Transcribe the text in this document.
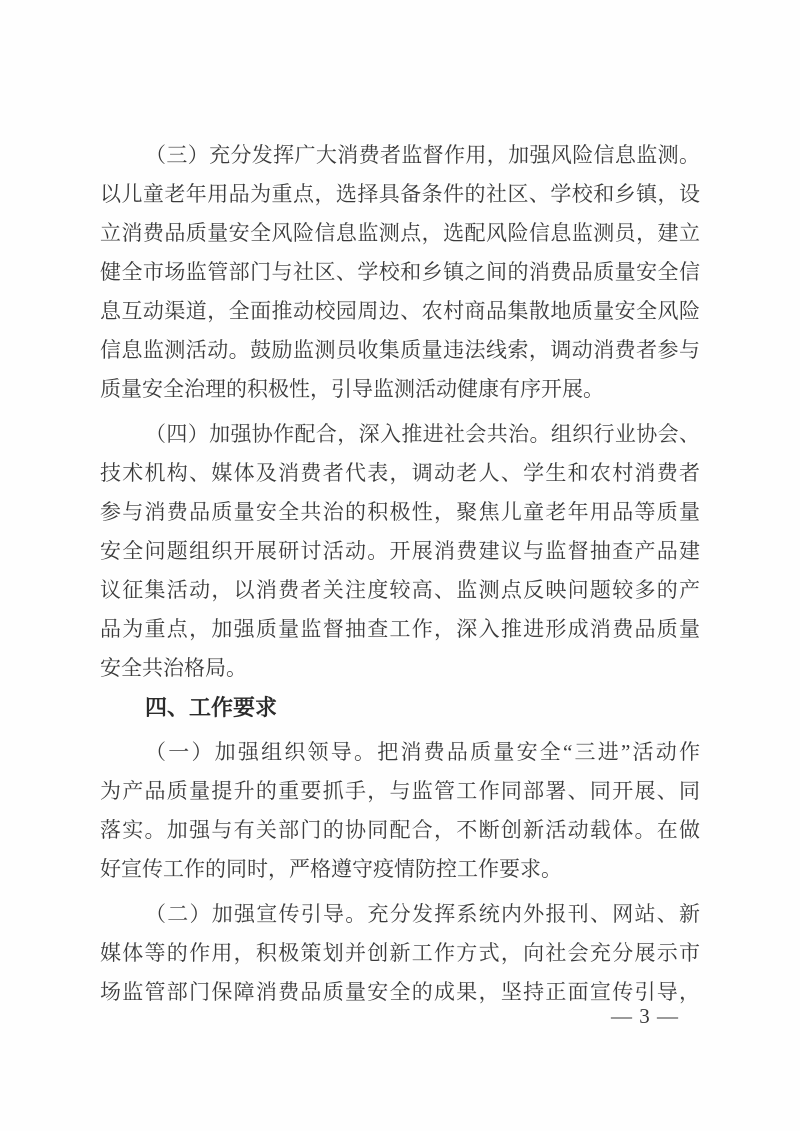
（三）充分发挥广大消费者监督作用，加强风险信息监测。
以儿童老年用品为重点，选择具备条件的社区、学校和乡镇，设
立消费品质量安全风险信息监测点，选配风险信息监测员，建立
健全市场监管部门与社区、学校和乡镇之间的消费品质量安全信
息互动渠道，全面推动校园周边、农村商品集散地质量安全风险
信息监测活动。鼓励监测员收集质量违法线索，调动消费者参与
质量安全治理的积极性，引导监测活动健康有序开展。
（四）加强协作配合，深入推进社会共治。组织行业协会、
技术机构、媒体及消费者代表，调动老人、学生和农村消费者
参与消费品质量安全共治的积极性，聚焦儿童老年用品等质量
安全问题组织开展研讨活动。开展消费建议与监督抽查产品建
议征集活动，以消费者关注度较高、监测点反映问题较多的产
品为重点，加强质量监督抽查工作，深入推进形成消费品质量
安全共治格局。
四、工作要求
（一）加强组织领导。把消费品质量安全“三进”活动作
为产品质量提升的重要抓手，与监管工作同部署、同开展、同
落实。加强与有关部门的协同配合，不断创新活动载体。在做
好宣传工作的同时，严格遵守疫情防控工作要求。
（二）加强宣传引导。充分发挥系统内外报刊、网站、新
媒体等的作用，积极策划并创新工作方式，向社会充分展示市
场监管部门保障消费品质量安全的成果，坚持正面宣传引导，
— 3 —
